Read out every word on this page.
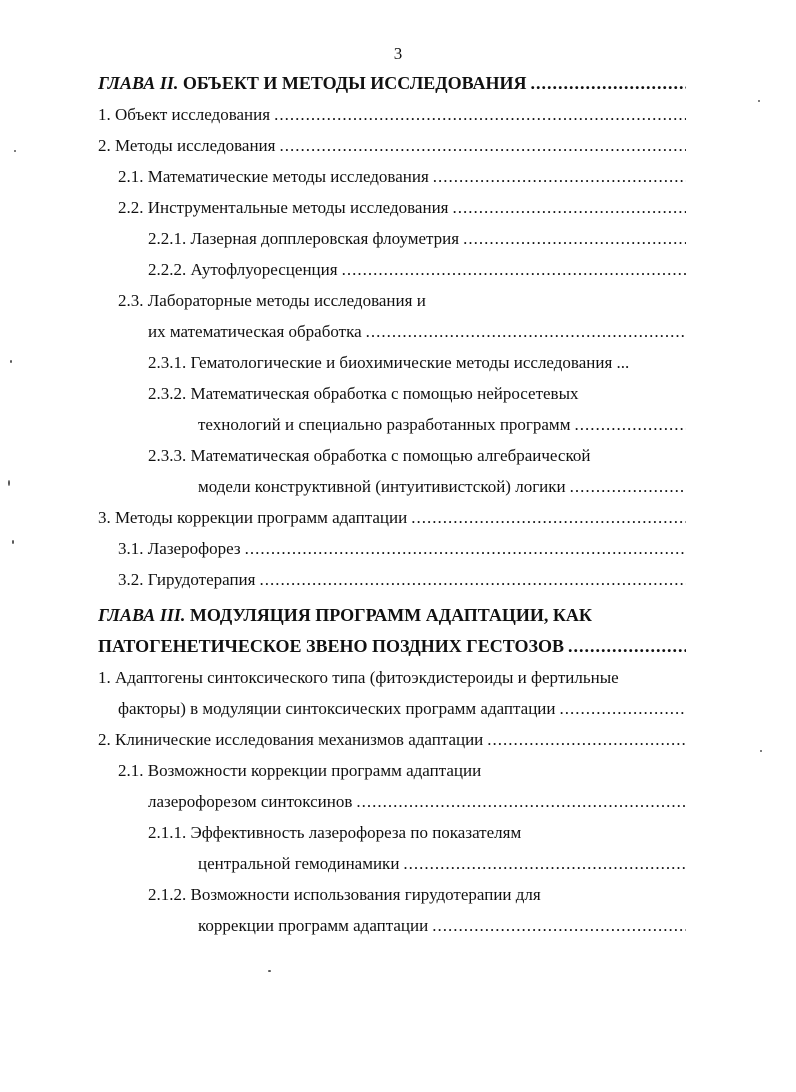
3
ГЛАВА II. ОБЪЕКТ И МЕТОДЫ ИССЛЕДОВАНИЯ
.....
1. Объект исследования
.....
2. Методы исследования
.....
2.1. Математические методы исследования
.....
2.2. Инструментальные методы исследования
.....
2.2.1. Лазерная допплеровская флоуметрия
.....
2.2.2. Аутофлуоресценция
.....
2.3. Лабораторные методы исследования и
их математическая обработка
.....
2.3.1. Гематологические и биохимические методы исследования ...
2.3.2. Математическая обработка с помощью нейросетевых
технологий и специально разработанных программ
.....
2.3.3. Математическая обработка с помощью алгебраической
модели конструктивной (интуитивистской) логики
.....
3. Методы коррекции программ адаптации
.....
3.1. Лазерофорез
.....
3.2. Гирудотерапия
.....
ГЛАВА III. МОДУЛЯЦИЯ ПРОГРАММ АДАПТАЦИИ, КАК
ПАТОГЕНЕТИЧЕСКОЕ ЗВЕНО ПОЗДНИХ ГЕСТОЗОВ
.....
1. Адаптогены синтоксического типа (фитоэкдистероиды и фертильные
факторы) в модуляции синтоксических программ адаптации
.....
2. Клинические исследования механизмов адаптации
.....
2.1. Возможности коррекции программ адаптации
лазерофорезом синтоксинов
.....
2.1.1. Эффективность лазерофореза по показателям
центральной гемодинамики
.....
2.1.2. Возможности использования гирудотерапии для
коррекции программ адаптации
.....
